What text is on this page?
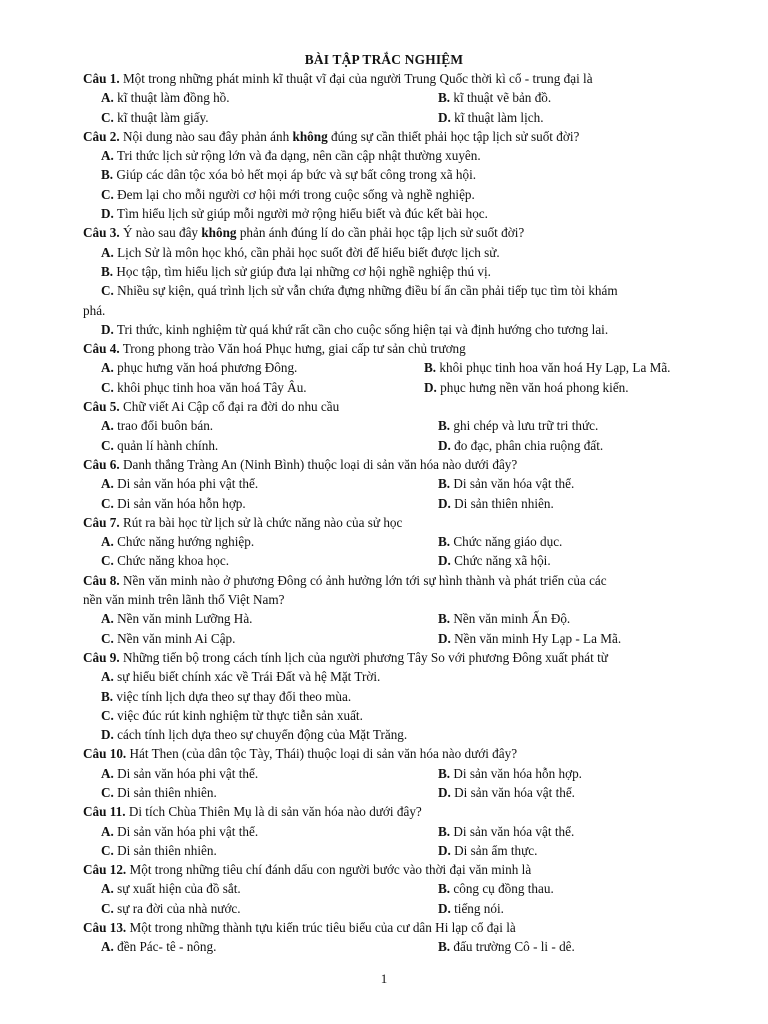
BÀI TẬP TRẮC NGHIỆM
Câu 1. Một trong những phát minh kĩ thuật vĩ đại của người Trung Quốc thời kì cổ - trung đại là
A. kĩ thuật làm đồng hồ.	B. kĩ thuật vẽ bản đồ.
C. kĩ thuật làm giấy.	D. kĩ thuật làm lịch.
Câu 2. Nội dung nào sau đây phản ánh không đúng sự cần thiết phải học tập lịch sử suốt đời?
A. Tri thức lịch sử rộng lớn và đa dạng, nên cần cập nhật thường xuyên.
B. Giúp các dân tộc xóa bỏ hết mọi áp bức và sự bất công trong xã hội.
C. Đem lại cho mỗi người cơ hội mới trong cuộc sống và nghề nghiệp.
D. Tìm hiểu lịch sử giúp mỗi người mở rộng hiểu biết và đúc kết bài học.
Câu 3. Ý nào sau đây không phản ánh đúng lí do cần phải học tập lịch sử suốt đời?
A. Lịch Sử là môn học khó, cần phải học suốt đời để hiểu biết được lịch sử.
B. Học tập, tìm hiểu lịch sử giúp đưa lại những cơ hội nghề nghiệp thú vị.
C. Nhiều sự kiện, quá trình lịch sử vẫn chứa đựng những điều bí ẩn cần phải tiếp tục tìm tòi khám
phá.
D. Tri thức, kinh nghiệm từ quá khứ rất cần cho cuộc sống hiện tại và định hướng cho tương lai.
Câu 4. Trong phong trào Văn hoá Phục hưng, giai cấp tư sản chủ trương
A. phục hưng văn hoá phương Đông.	B. khôi phục tinh hoa văn hoá Hy Lạp, La Mã.
C. khôi phục tinh hoa văn hoá Tây Âu.	D. phục hưng nền văn hoá phong kiến.
Câu 5. Chữ viết Ai Cập cổ đại ra đời do nhu cầu
A. trao đổi buôn bán.	B. ghi chép và lưu trữ tri thức.
C. quản lí hành chính.	D. đo đạc, phân chia ruộng đất.
Câu 6. Danh thắng Tràng An (Ninh Bình) thuộc loại di sản văn hóa nào dưới đây?
A. Di sản văn hóa phi vật thể.	B. Di sản văn hóa vật thể.
C. Di sản văn hóa hỗn hợp.	D. Di sản thiên nhiên.
Câu 7. Rút ra bài học từ lịch sử là chức năng nào của sử học
A. Chức năng hướng nghiệp.	B. Chức năng giáo dục.
C. Chức năng khoa học.	D. Chức năng xã hội.
Câu 8. Nền văn minh nào ở phương Đông có ảnh hưởng lớn tới sự hình thành và phát triển của các
nền văn minh trên lãnh thổ Việt Nam?
A. Nền văn minh Lưỡng Hà.	B. Nền văn minh Ấn Độ.
C. Nền văn minh Ai Cập.	D. Nền văn minh Hy Lạp - La Mã.
Câu 9. Những tiến bộ trong cách tính lịch của người phương Tây So với phương Đông xuất phát từ
A. sự hiểu biết chính xác về Trái Đất và hệ Mặt Trời.
B. việc tính lịch dựa theo sự thay đổi theo mùa.
C. việc đúc rút kinh nghiệm từ thực tiễn sản xuất.
D. cách tính lịch dựa theo sự chuyển động của Mặt Trăng.
Câu 10. Hát Then (của dân tộc Tày, Thái) thuộc loại di sản văn hóa nào dưới đây?
A. Di sản văn hóa phi vật thể.	B. Di sản văn hóa hỗn hợp.
C. Di sản thiên nhiên.	D. Di sản văn hóa vật thể.
Câu 11. Di tích Chùa Thiên Mụ là di sản văn hóa nào dưới đây?
A. Di sản văn hóa phi vật thể.	B. Di sản văn hóa vật thể.
C. Di sản thiên nhiên.	D. Di sản ẩm thực.
Câu 12. Một trong những tiêu chí đánh dấu con người bước vào thời đại văn minh là
A. sự xuất hiện của đồ sắt.	B. công cụ đồng thau.
C. sự ra đời của nhà nước.	D. tiếng nói.
Câu 13. Một trong những thành tựu kiến trúc tiêu biểu của cư dân Hi lạp cổ đại là
A. đền Pác- tê - nông.	B. đấu trường Cô - li - dê.
1
